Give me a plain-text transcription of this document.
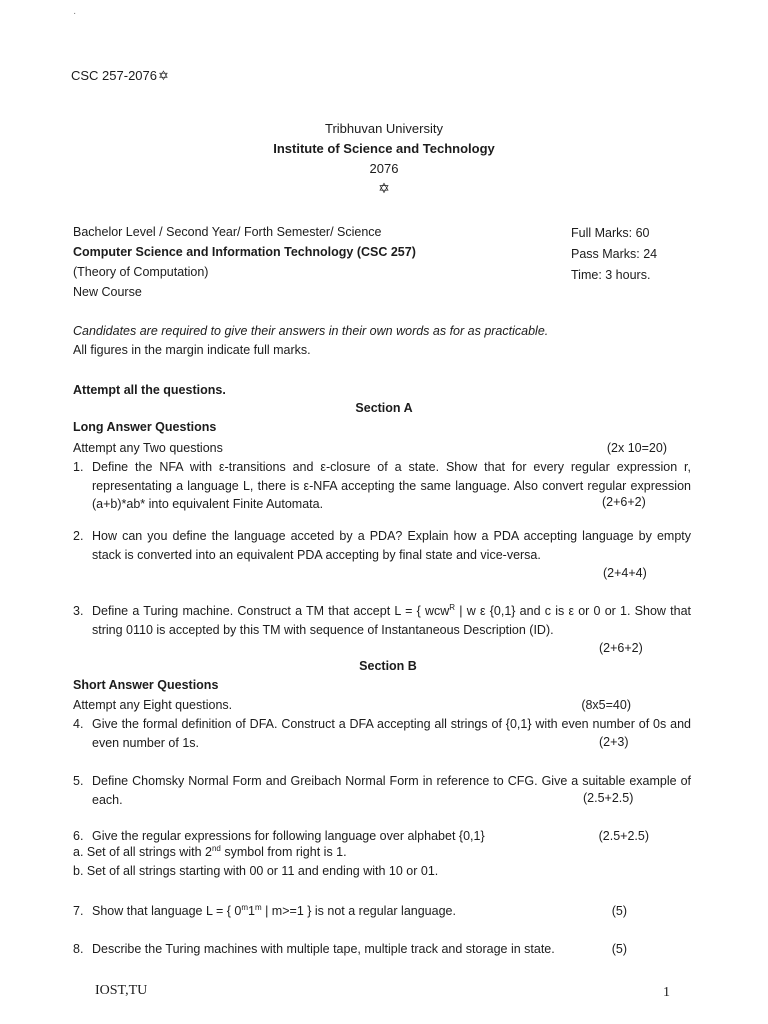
·
CSC 257-2076✡
Tribhuvan University
Institute of Science and Technology
2076
✡
Bachelor Level / Second Year/ Forth Semester/ Science
Computer Science and Information Technology (CSC 257)
(Theory of Computation)
New Course
Full Marks: 60
Pass Marks: 24
Time: 3 hours.
Candidates are required to give their answers in their own words as for as practicable.
All figures in the margin indicate full marks.
Attempt all the questions.
Section A
Long Answer Questions
Attempt any Two questions	(2x 10=20)
1. Define the NFA with ε-transitions and ε-closure of a state. Show that for every regular expression r, representating a language L, there is ε-NFA accepting the same language. Also convert regular expression (a+b)*ab* into equivalent Finite Automata.	(2+6+2)
2. How can you define the language acceted by a PDA? Explain how a PDA accepting language by empty stack is converted into an equivalent PDA accepting by final state and vice-versa.
(2+4+4)
3. Define a Turing machine. Construct a TM that accept L = { wcw$^R$ | w ε {0,1} and c is ε or 0 or 1. Show that string 0110 is accepted by this TM with sequence of Instantaneous Description (ID).
(2+6+2)
Section B
Short Answer Questions
Attempt any Eight questions.	(8x5=40)
4. Give the formal definition of DFA. Construct a DFA accepting all strings of {0,1} with even number of 0s and even number of 1s.	(2+3)
5. Define Chomsky Normal Form and Greibach Normal Form in reference to CFG. Give a suitable example of each.	(2.5+2.5)
6. Give the regular expressions for following language over alphabet {0,1}	(2.5+2.5)
a. Set of all strings with 2nd symbol from right is 1.
b. Set of all strings starting with 00 or 11 and ending with 10 or 01.
7. Show that language L = { 0$^m$1$^m$ | m>=1 } is not a regular language.	(5)
8. Describe the Turing machines with multiple tape, multiple track and storage in state.	(5)
IOST,TU	1
